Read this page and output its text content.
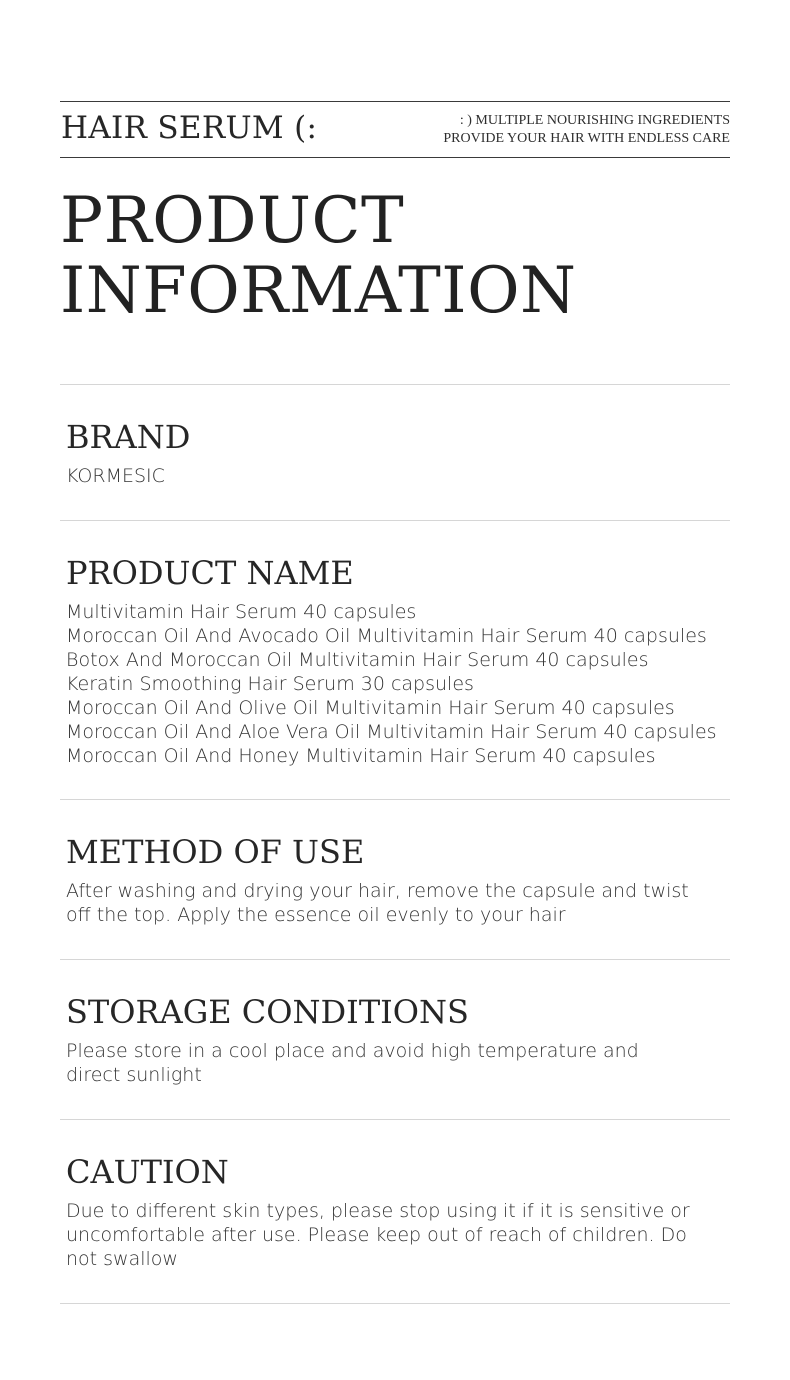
HAIR SERUM (:	: ) MULTIPLE NOURISHING INGREDIENTS
PROVIDE YOUR HAIR WITH ENDLESS CARE
PRODUCT
INFORMATION
BRAND
KORMESIC
PRODUCT NAME
Multivitamin Hair Serum 40 capsules
Moroccan Oil And Avocado Oil Multivitamin Hair Serum 40 capsules
Botox And Moroccan Oil Multivitamin Hair Serum 40 capsules
Keratin Smoothing Hair Serum 30 capsules
Moroccan Oil And Olive Oil Multivitamin Hair Serum 40 capsules
Moroccan Oil And Aloe Vera Oil Multivitamin Hair Serum 40 capsules
Moroccan Oil And Honey Multivitamin Hair Serum 40 capsules
METHOD OF USE
After washing and drying your hair, remove the capsule and twist
off the top. Apply the essence oil evenly to your hair
STORAGE CONDITIONS
Please store in a cool place and avoid high temperature and
direct sunlight
CAUTION
Due to different skin types, please stop using it if it is sensitive or
uncomfortable after use. Please keep out of reach of children. Do
not swallow
